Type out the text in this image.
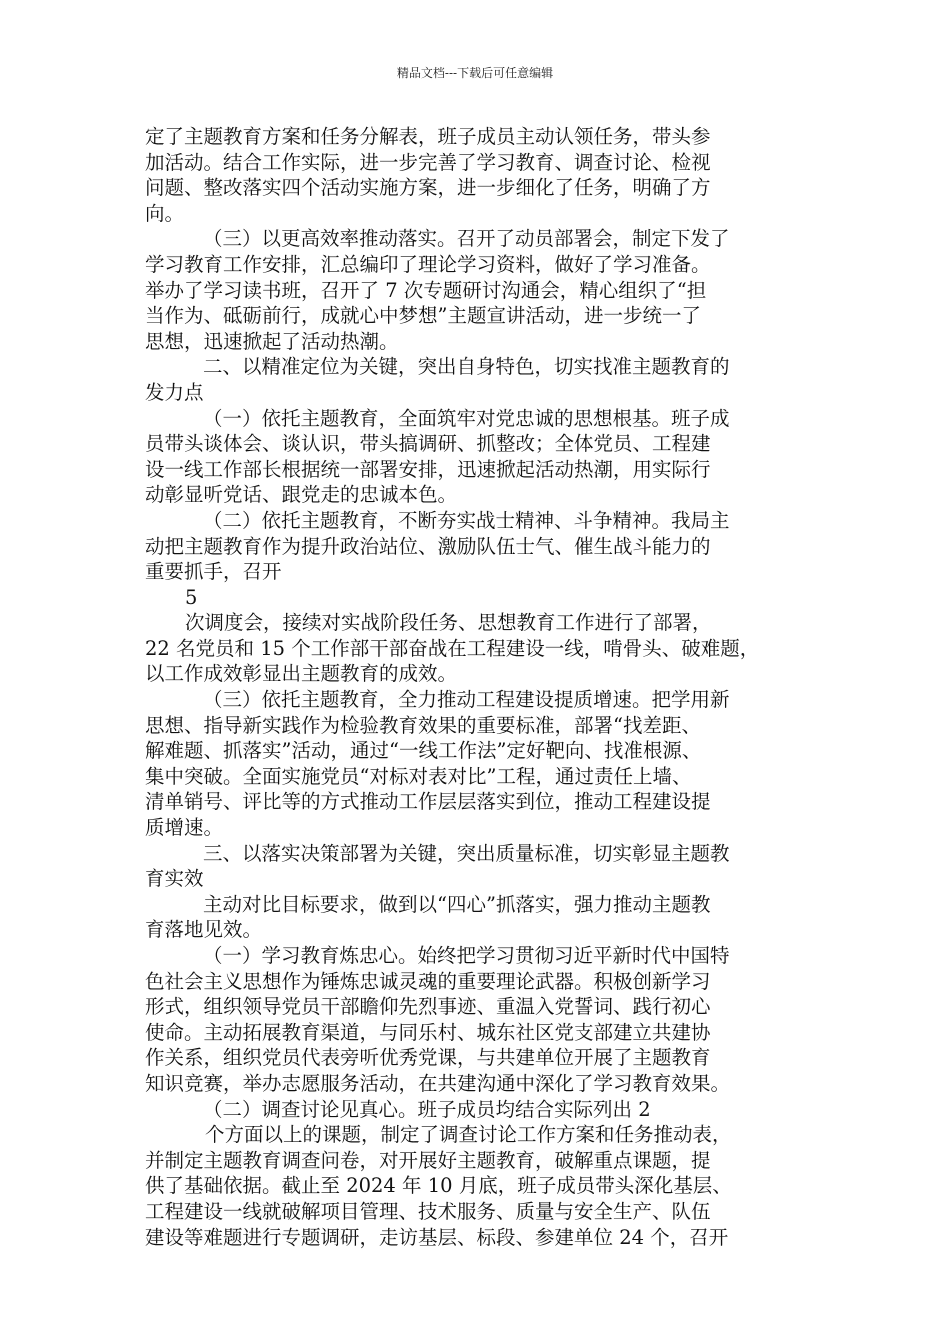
精品文档---下载后可任意编辑
定了主题教育方案和任务分解表，班子成员主动认领任务，带头参
加活动。结合工作实际，进一步完善了学习教育、调查讨论、检视
问题、整改落实四个活动实施方案，进一步细化了任务，明确了方
向。
（三）以更高效率推动落实。召开了动员部署会，制定下发了
学习教育工作安排，汇总编印了理论学习资料，做好了学习准备。
举办了学习读书班，召开了 7 次专题研讨沟通会，精心组织了“担
当作为、砥砺前行，成就心中梦想”主题宣讲活动，进一步统一了
思想，迅速掀起了活动热潮。
二、以精准定位为关键，突出自身特色，切实找准主题教育的
发力点
（一）依托主题教育，全面筑牢对党忠诚的思想根基。班子成
员带头谈体会、谈认识，带头搞调研、抓整改；全体党员、工程建
设一线工作部长根据统一部署安排，迅速掀起活动热潮，用实际行
动彰显听党话、跟党走的忠诚本色。
（二）依托主题教育，不断夯实战士精神、斗争精神。我局主
动把主题教育作为提升政治站位、激励队伍士气、催生战斗能力的
重要抓手，召开
5
次调度会，接续对实战阶段任务、思想教育工作进行了部署，
22 名党员和 15 个工作部干部奋战在工程建设一线，啃骨头、破难题，
以工作成效彰显出主题教育的成效。
（三）依托主题教育，全力推动工程建设提质增速。把学用新
思想、指导新实践作为检验教育效果的重要标准，部署“找差距、
解难题、抓落实”活动，通过“一线工作法”定好靶向、找准根源、
集中突破。全面实施党员“对标对表对比”工程，通过责任上墙、
清单销号、评比等的方式推动工作层层落实到位，推动工程建设提
质增速。
三、以落实决策部署为关键，突出质量标准，切实彰显主题教
育实效
主动对比目标要求，做到以“四心”抓落实，强力推动主题教
育落地见效。
（一）学习教育炼忠心。始终把学习贯彻习近平新时代中国特
色社会主义思想作为锤炼忠诚灵魂的重要理论武器。积极创新学习
形式，组织领导党员干部瞻仰先烈事迹、重温入党誓词、践行初心
使命。主动拓展教育渠道，与同乐村、城东社区党支部建立共建协
作关系，组织党员代表旁听优秀党课，与共建单位开展了主题教育
知识竞赛，举办志愿服务活动，在共建沟通中深化了学习教育效果。
（二）调查讨论见真心。班子成员均结合实际列出 2
个方面以上的课题，制定了调查讨论工作方案和任务推动表，
并制定主题教育调查问卷，对开展好主题教育，破解重点课题，提
供了基础依据。截止至 2024 年 10 月底，班子成员带头深化基层、
工程建设一线就破解项目管理、技术服务、质量与安全生产、队伍
建设等难题进行专题调研，走访基层、标段、参建单位 24 个，召开
